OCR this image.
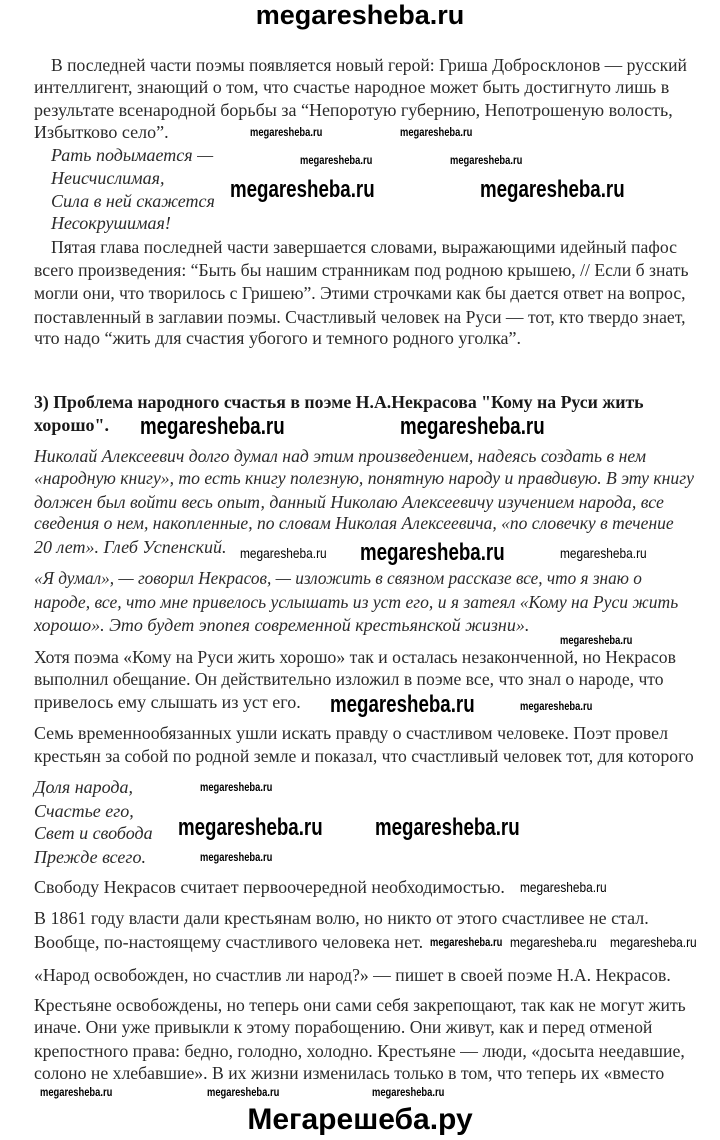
megaresheba.ru
В последней части поэмы появляется новый герой: Гриша Добросклонов — русский
интеллигент, знающий о том, что счастье народное может быть достигнуто лишь в
результате всенародной борьбы за “Непоротую губернию, Непотрошеную волость,
Избытково село”.
Рать подымается —
Неисчислимая,
Сила в ней скажется
Несокрушимая!
Пятая глава последней части завершается словами, выражающими идейный пафос
всего произведения: “Быть бы нашим странникам под родною крышею, // Если б знать
могли они, что творилось с Гришею”. Этими строчками как бы дается ответ на вопрос,
поставленный в заглавии поэмы. Счастливый человек на Руси — тот, кто твердо знает,
что надо “жить для счастия убогого и темного родного уголка”.
3) Проблема народного счастья в поэме Н.А.Некрасова "Кому на Руси жить
хорошо".
Николай Алексеевич долго думал над этим произведением, надеясь создать в нем
«народную книгу», то есть книгу полезную, понятную народу и правдивую. В эту книгу
должен был войти весь опыт, данный Николаю Алексеевичу изучением народа, все
сведения о нем, накопленные, по словам Николая Алексеевича, «по словечку в течение
20 лет». Глеб Успенский.
«Я думал», — говорил Некрасов, — изложить в связном рассказе все, что я знаю о
народе, все, что мне привелось услышать из уст его, и я затеял «Кому на Руси жить
хорошо». Это будет эпопея современной крестьянской жизни».
Хотя поэма «Кому на Руси жить хорошо» так и осталась незаконченной, но Некрасов
выполнил обещание. Он действительно изложил в поэме все, что знал о народе, что
привелось ему слышать из уст его.
Семь временнообязанных ушли искать правду о счастливом человеке. Поэт провел
крестьян за собой по родной земле и показал, что счастливый человек тот, для которого
Доля народа,
Счастье его,
Свет и свобода
Прежде всего.
Свободу Некрасов считает первоочередной необходимостью.
В 1861 году власти дали крестьянам волю, но никто от этого счастливее не стал.
Вообще, по-настоящему счастливого человека нет.
«Народ освобожден, но счастлив ли народ?» — пишет в своей поэме Н.А. Некрасов.
Крестьяне освобождены, но теперь они сами себя закрепощают, так как не могут жить
иначе. Они уже привыкли к этому порабощению. Они живут, как и перед отменой
крепостного права: бедно, голодно, холодно. Крестьяне — люди, «досыта неедавшие,
солоно не хлебавшие». В их жизни изменилась только в том, что теперь их «вместо
megaresheba.ru	megaresheba.ru
megaresheba.ru	megaresheba.ru
megaresheba.ru	megaresheba.ru
megaresheba.ru	megaresheba.ru
megaresheba.ru megaresheba.ru	megaresheba.ru
megaresheba.ru
megaresheba.ru
megaresheba.ru
megaresheba.ru
megaresheba.ru megaresheba.ru
megaresheba.ru
megaresheba.ru megaresheba.ru megaresheba.ru
megaresheba.ru
megaresheba.ru	megaresheba.ru	megaresheba.ru
Мегарешеба.ру
